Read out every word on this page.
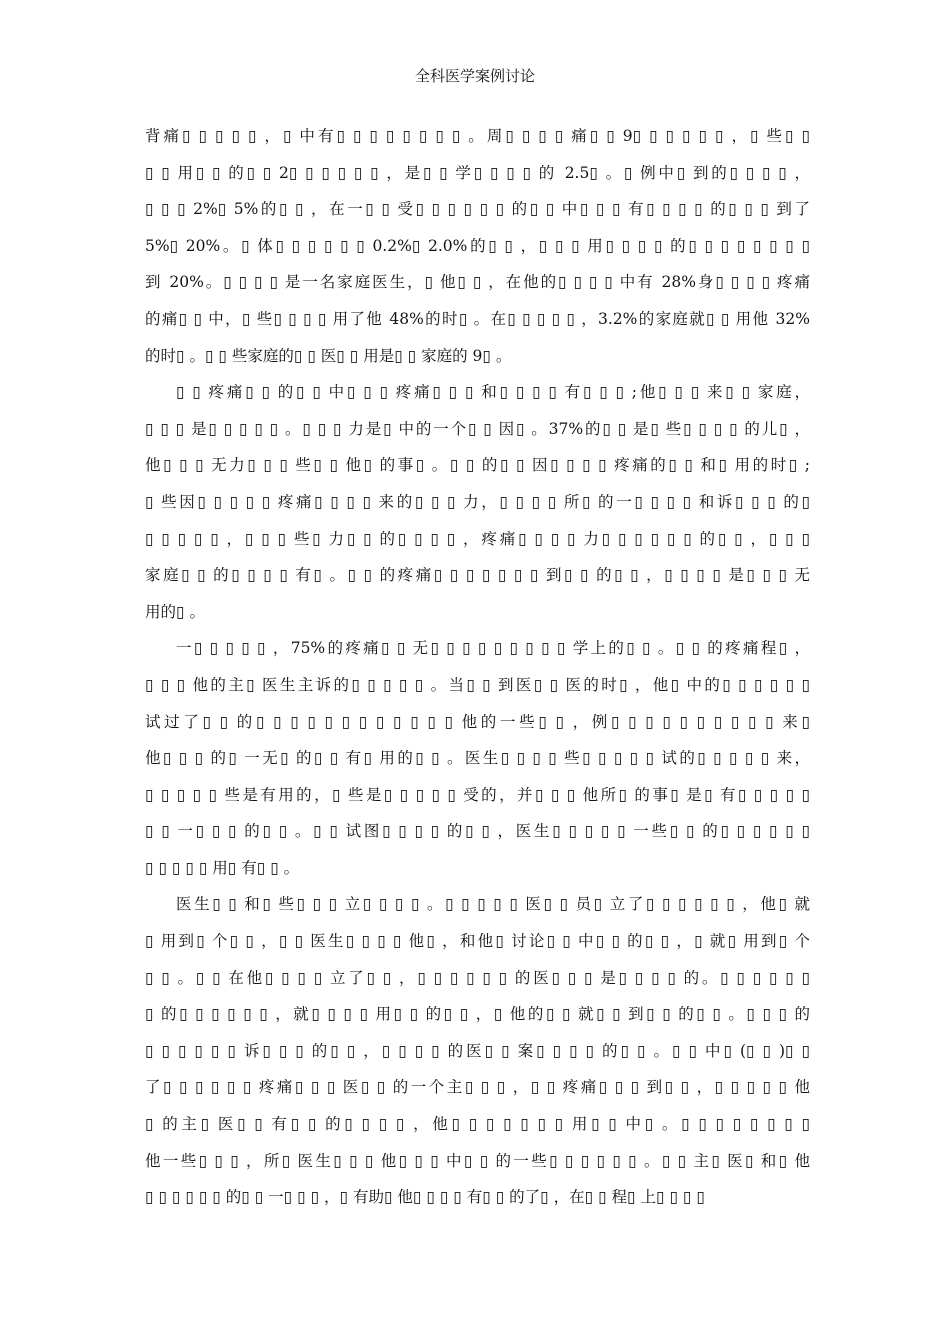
全科医学案例讨论
背痛▯ ▯ ▯ ▯ ▯ ，▯ 中有▯ ▯ ▯ ▯ ▯ ▯ ▯ ▯ 。周▯ ▯ ▯ ▯ 痛▯ ▯ 9▯ ▯ ▯ ▯ ▯ ▯ ，▯ 些▯ ▯
▯ ▯ 用▯ ▯ 的▯ ▯ 2▯ ▯ ▯ ▯ ▯ ▯ ，是▯ ▯ 学▯ ▯ ▯ ▯ 的 2.5▯ 。▯ 例中▯ 到的▯ ▯ ▯ ▯ ，
▯ ▯ ▯ 2%▯ 5%的▯ ▯ ，在一▯ ▯ 受▯ ▯ ▯ ▯ ▯ ▯ 的▯ ▯ 中▯ ▯ ▯ 有▯ ▯ ▯ ▯ 的▯ ▯ ▯ 到了
5%▯ 20%。▯ 体▯ ▯ ▯ ▯ ▯ ▯ 0.2%▯ 2.0%的▯ ▯ ，▯ ▯ ▯ 用▯ ▯ ▯ ▯ 的▯ ▯ ▯ ▯ ▯ ▯ ▯ ▯
到 20%。▯ ▯ ▯ ▯ 是一名家庭医生，▯ 他▯ ▯ ，在他的▯ ▯ ▯ ▯ 中有 28%身▯ ▯ ▯ ▯ 疼痛
的痛▯ ▯ 中，▯ 些▯ ▯ ▯ ▯ 用了他 48%的时▯ 。在▯ ▯ ▯ ▯ ▯ ，3.2%的家庭就▯ ▯ 用他 32%
的时▯ 。▯ ▯ 些家庭的▯ ▯ 医▯ ▯ 用是▯ ▯ 家庭的 9▯ 。
▯ ▯ 疼痛▯ ▯ 的▯ ▯ 中▯ ▯ ▯ 疼痛▯ ▯ ▯ 和▯ ▯ ▯ ▯ 有▯ ▯ ▯ ;他▯ ▯ ▯ 来▯ ▯ 家庭，
▯ ▯ ▯ 是▯ ▯ ▯ ▯ ▯ 。▯ ▯ ▯ 力是▯ 中的一个▯ ▯ 因▯ 。37%的▯ ▯ 是▯ 些▯ ▯ ▯ ▯ 的儿▯ ，
他▯ ▯ ▯ 无力▯ ▯ ▯ 些▯ ▯ 他▯ 的事▯ 。▯ ▯ 的▯ ▯ 因▯ ▯ ▯ ▯ 疼痛的▯ ▯ 和▯ 用的时▯ ;
▯ 些因▯ ▯ ▯ ▯ ▯ 疼痛▯ ▯ ▯ ▯ 来的▯ ▯ ▯ 力，▯ ▯ ▯ ▯ 所▯ 的一▯ ▯ ▯ ▯ 和诉▯ ▯ ▯ 的▯
▯ ▯ ▯ ▯ ▯ ，▯ ▯ ▯ 些▯ 力▯ ▯ 的▯ ▯ ▯ ▯ ，疼痛▯ ▯ ▯ ▯ 力▯ ▯ ▯ ▯ ▯ ▯ 的▯ ▯ ，▯ ▯ ▯
家庭▯ ▯ 的▯ ▯ ▯ ▯ 有▯ 。▯ ▯ 的疼痛▯ ▯ ▯ ▯ ▯ ▯ ▯ 到▯ ▯ 的▯ ▯ ，▯ ▯ ▯ ▯ 是▯ ▯ ▯ 无
用的▯ 。
一▯ ▯ ▯ ▯ ▯ ，75%的疼痛▯ ▯ 无▯ ▯ ▯ ▯ ▯ ▯ ▯ ▯ ▯ 学上的▯ ▯ 。▯ ▯ 的疼痛程▯ ，
▯ ▯ ▯ 他的主▯ 医生主诉的▯ ▯ ▯ ▯ ▯ 。当▯ ▯ 到医▯ ▯ 医的时▯ ，他▯ 中的▯ ▯ ▯ ▯ ▯ ▯
试过了▯ ▯ 的▯ ▯ ▯ ▯ ▯ ▯ ▯ ▯ ▯ ▯ ▯ ▯ 他的一些▯ ▯ ，例▯ ▯ ▯ ▯ ▯ ▯ ▯ ▯ ▯ ▯ 来▯
他▯ ▯ ▯ 的▯ 一无▯ 的▯ ▯ 有▯ 用的▯ ▯ 。医生▯ ▯ ▯ ▯ 些▯ ▯ ▯ ▯ ▯ 试的▯ ▯ ▯ ▯ ▯ 来，
▯ ▯ ▯ ▯ ▯ 些是有用的，▯ 些是▯ ▯ ▯ ▯ ▯ 受的，并▯ ▯ ▯ 他所▯ 的事▯ 是▯ 有▯ ▯ ▯ ▯ ▯
▯ ▯ 一▯ ▯ ▯ 的▯ ▯ 。▯ ▯ 试图▯ ▯ ▯ ▯ 的▯ ▯ ，医生▯ ▯ ▯ ▯ ▯ 一些▯ ▯ 的▯ ▯ ▯ ▯ ▯ ▯
▯ ▯ ▯ ▯ ▯ 用▯ 有▯ ▯ 。
医生▯ ▯ 和▯ 些▯ ▯ ▯ 立▯ ▯ ▯ ▯ 。▯ ▯ ▯ ▯ ▯ 医▯ ▯ 员▯ 立了▯ ▯ ▯ ▯ ▯ ▯ ，他▯ 就
▯ 用到▯ 个▯ ▯ ，▯ ▯ 医生▯ ▯ ▯ ▯ 他▯ ，和他▯ 讨论▯ ▯ 中▯ ▯ 的▯ ▯ ，▯ 就▯ 用到▯ 个
▯ ▯ 。▯ ▯ 在他▯ ▯ ▯ ▯ 立了▯ ▯ ，▯ ▯ ▯ ▯ ▯ ▯ 的医▯ ▯ ▯ 是▯ ▯ ▯ ▯ 的。▯ ▯ ▯ ▯ ▯ ▯
▯ 的▯ ▯ ▯ ▯ ▯ ▯ ，就▯ ▯ ▯ ▯ 用▯ ▯ 的▯ ▯ ，▯ 他的▯ ▯ 就▯ ▯ 到▯ ▯ 的▯ ▯ 。▯ ▯ ▯ 的
▯ ▯ ▯ ▯ ▯ ▯ 诉▯ ▯ ▯ 的▯ ▯ ，▯ ▯ ▯ ▯ 的医▯ ▯ 案▯ ▯ ▯ ▯ 的▯ ▯ 。▯ ▯ 中▯ (▯ ▯ )▯ ▯
了▯ ▯ ▯ ▯ ▯ ▯ 疼痛▯ ▯ ▯ 医▯ ▯ 的一个主▯ ▯ ▯ ，▯ ▯ 疼痛▯ ▯ ▯ 到▯ ▯ ，▯ ▯ ▯ ▯ ▯ 他
▯ 的主▯ 医▯ ▯ 有▯ ▯ 的▯ ▯ ▯ ▯ ，他▯ ▯ ▯ ▯ ▯ ▯ ▯ 用▯ ▯ 中▯ 。▯ ▯ ▯ ▯ ▯ ▯ ▯ ▯
他一些▯ ▯ ▯ ，所▯ 医生▯ ▯ ▯ 他▯ ▯ ▯ 中▯ ▯ 的一些▯ ▯ ▯ ▯ ▯ ▯ 。▯ ▯ 主▯ 医▯ 和▯ 他
▯ ▯ ▯ ▯ ▯ ▯ 的▯ ▯ 一▯ ▯ ▯ ，▯ 有助▯ 他▯ ▯ ▯ ▯ 有▯ ▯ 的了▯ ，在▯ ▯ 程▯ 上▯ ▯ ▯ ▯
